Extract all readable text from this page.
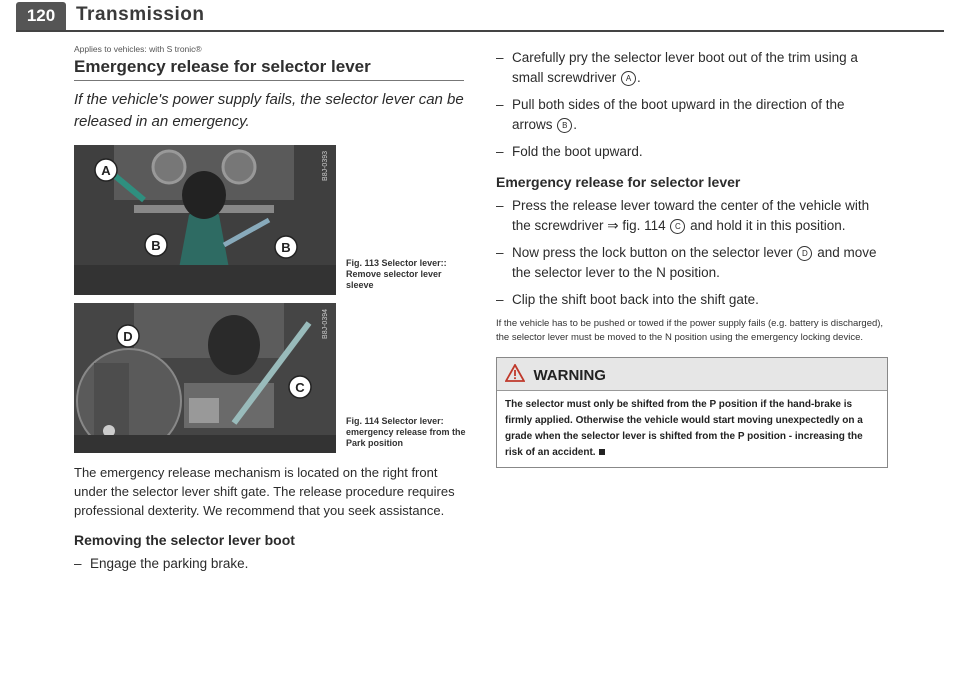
120	Transmission
Applies to vehicles: with S tronic®
Emergency release for selector lever
If the vehicle's power supply fails, the selector lever can be released in an emergency.
A
B	B
B8J-0393
Fig. 113 Selector lever:: Remove selector lever sleeve
D
C
B8J-0394
Fig. 114 Selector lever: emergency release from the Park position

The emergency release mechanism is located on the right front under the selector lever shift gate. The release procedure requires professional dexterity. We recommend that you seek assistance.

Removing the selector lever boot
– Engage the parking brake.
– Carefully pry the selector lever boot out of the trim using a small screwdriver A .
– Pull both sides of the boot upward in the direction of the arrows B .
– Fold the boot upward.
Emergency release for selector lever
– Press the release lever toward the center of the vehicle with the screwdriver ⇒ fig. 114 C and hold it in this position.
– Now press the lock button on the selector lever D and move the selector lever to the N position.
– Clip the shift boot back into the shift gate.
If the vehicle has to be pushed or towed if the power supply fails (e.g. battery is discharged), the selector lever must be moved to the N position using the emergency locking device.
WARNING
The selector must only be shifted from the P position if the hand-brake is firmly applied. Otherwise the vehicle would start moving unexpectedly on a grade when the selector lever is shifted from the P position - increasing the risk of an accident.
